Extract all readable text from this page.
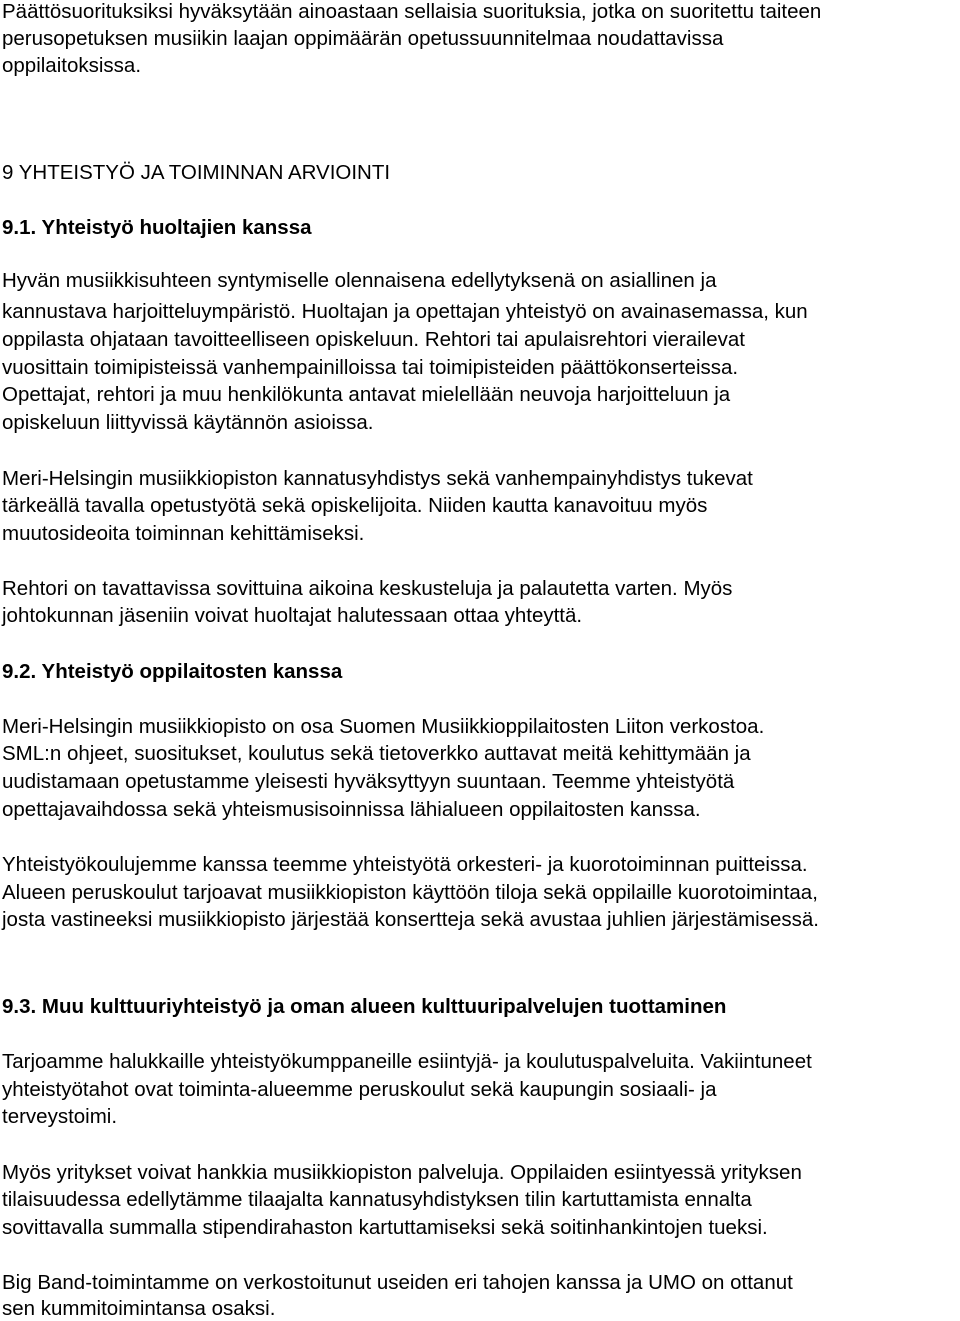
Päättösuorituksiksi hyväksytään ainoastaan sellaisia suorituksia, jotka on suoritettu taiteen
perusopetuksen musiikin laajan oppimäärän opetussuunnitelmaa noudattavissa
oppilaitoksissa.
9 YHTEISTYÖ JA TOIMINNAN ARVIOINTI
9.1. Yhteistyö huoltajien kanssa
Hyvän musiikkisuhteen syntymiselle olennaisena edellytyksenä on asiallinen ja
kannustava harjoitteluympäristö. Huoltajan ja opettajan yhteistyö on avainasemassa, kun
oppilasta ohjataan tavoitteelliseen opiskeluun. Rehtori tai apulaisrehtori vierailevat
vuosittain toimipisteissä vanhempainilloissa tai toimipisteiden päättökonserteissa.
Opettajat, rehtori ja muu henkilökunta antavat mielellään neuvoja harjoitteluun ja
opiskeluun liittyvissä käytännön asioissa.
Meri-Helsingin musiikkiopiston kannatusyhdistys sekä vanhempainyhdistys tukevat
tärkeällä tavalla opetustyötä sekä opiskelijoita. Niiden kautta kanavoituu myös
muutosideoita toiminnan kehittämiseksi.
Rehtori on tavattavissa sovittuina aikoina keskusteluja ja palautetta varten. Myös
johtokunnan jäseniin voivat huoltajat halutessaan ottaa yhteyttä.
9.2. Yhteistyö oppilaitosten kanssa
Meri-Helsingin musiikkiopisto on osa Suomen Musiikkioppilaitosten Liiton verkostoa.
SML:n ohjeet, suositukset, koulutus sekä tietoverkko auttavat meitä kehittymään ja
uudistamaan opetustamme yleisesti hyväksyttyyn suuntaan. Teemme yhteistyötä
opettajavaihdossa sekä yhteismusisoinnissa lähialueen oppilaitosten kanssa.
Yhteistyökoulujemme kanssa teemme yhteistyötä orkesteri- ja kuorotoiminnan puitteissa.
Alueen peruskoulut tarjoavat musiikkiopiston käyttöön tiloja sekä oppilaille kuorotoimintaa,
josta vastineeksi musiikkiopisto järjestää konsertteja sekä avustaa juhlien järjestämisessä.
9.3. Muu kulttuuriyhteistyö ja oman alueen kulttuuripalvelujen tuottaminen
Tarjoamme halukkaille yhteistyökumppaneille esiintyjä- ja koulutuspalveluita. Vakiintuneet
yhteistyötahot ovat toiminta-alueemme peruskoulut sekä kaupungin sosiaali- ja
terveystoimi.
Myös yritykset voivat hankkia musiikkiopiston palveluja. Oppilaiden esiintyessä yrityksen
tilaisuudessa edellytämme tilaajalta kannatusyhdistyksen tilin kartuttamista ennalta
sovittavalla summalla stipendirahaston kartuttamiseksi sekä soitinhankintojen tueksi.
Big Band-toimintamme on verkostoitunut useiden eri tahojen kanssa ja UMO on ottanut
sen kummitoimintansa osaksi.
